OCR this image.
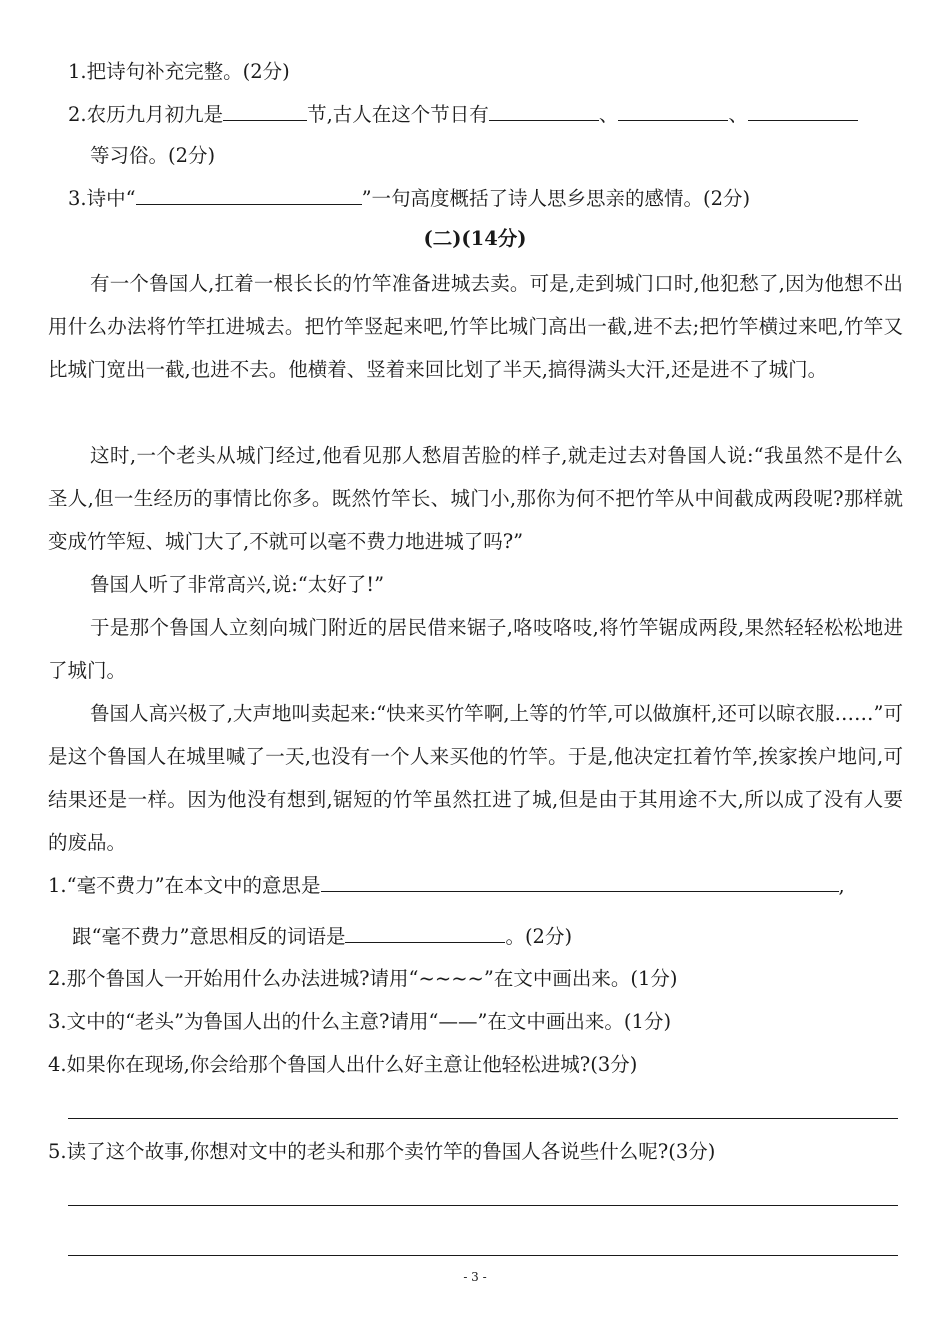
1.把诗句补充完整。(2分)
2.农历九月初九是	节,古人在这个节日有	、	、
等习俗。(2分)
3.诗中“	”一句高度概括了诗人思乡思亲的感情。(2分)
(二)(14分)
有一个鲁国人,扛着一根长长的竹竿准备进城去卖。可是,走到城门口时,他犯愁了,因为他想不出用什么办法将竹竿扛进城去。把竹竿竖起来吧,竹竿比城门高出一截,进不去;把竹竿横过来吧,竹竿又比城门宽出一截,也进不去。他横着、竖着来回比划了半天,搞得满头大汗,还是进不了城门。
这时,一个老头从城门经过,他看见那人愁眉苦脸的样子,就走过去对鲁国人说:“我虽然不是什么圣人,但一生经历的事情比你多。既然竹竿长、城门小,那你为何不把竹竿从中间截成两段呢?那样就变成竹竿短、城门大了,不就可以毫不费力地进城了吗?”
鲁国人听了非常高兴,说:“太好了!”
于是那个鲁国人立刻向城门附近的居民借来锯子,咯吱咯吱,将竹竿锯成两段,果然轻轻松松地进了城门。
鲁国人高兴极了,大声地叫卖起来:“快来买竹竿啊,上等的竹竿,可以做旗杆,还可以晾衣服……”可是这个鲁国人在城里喊了一天,也没有一个人来买他的竹竿。于是,他决定扛着竹竿,挨家挨户地问,可结果还是一样。因为他没有想到,锯短的竹竿虽然扛进了城,但是由于其用途不大,所以成了没有人要的废品。
1.“毫不费力”在本文中的意思是	,
跟“毫不费力”意思相反的词语是	。(2分)
2.那个鲁国人一开始用什么办法进城?请用“~~~~”在文中画出来。(1分)
3.文中的“老头”为鲁国人出的什么主意?请用“——”在文中画出来。(1分)
4.如果你在现场,你会给那个鲁国人出什么好主意让他轻松进城?(3分)
5.读了这个故事,你想对文中的老头和那个卖竹竿的鲁国人各说些什么呢?(3分)
- 3 -
